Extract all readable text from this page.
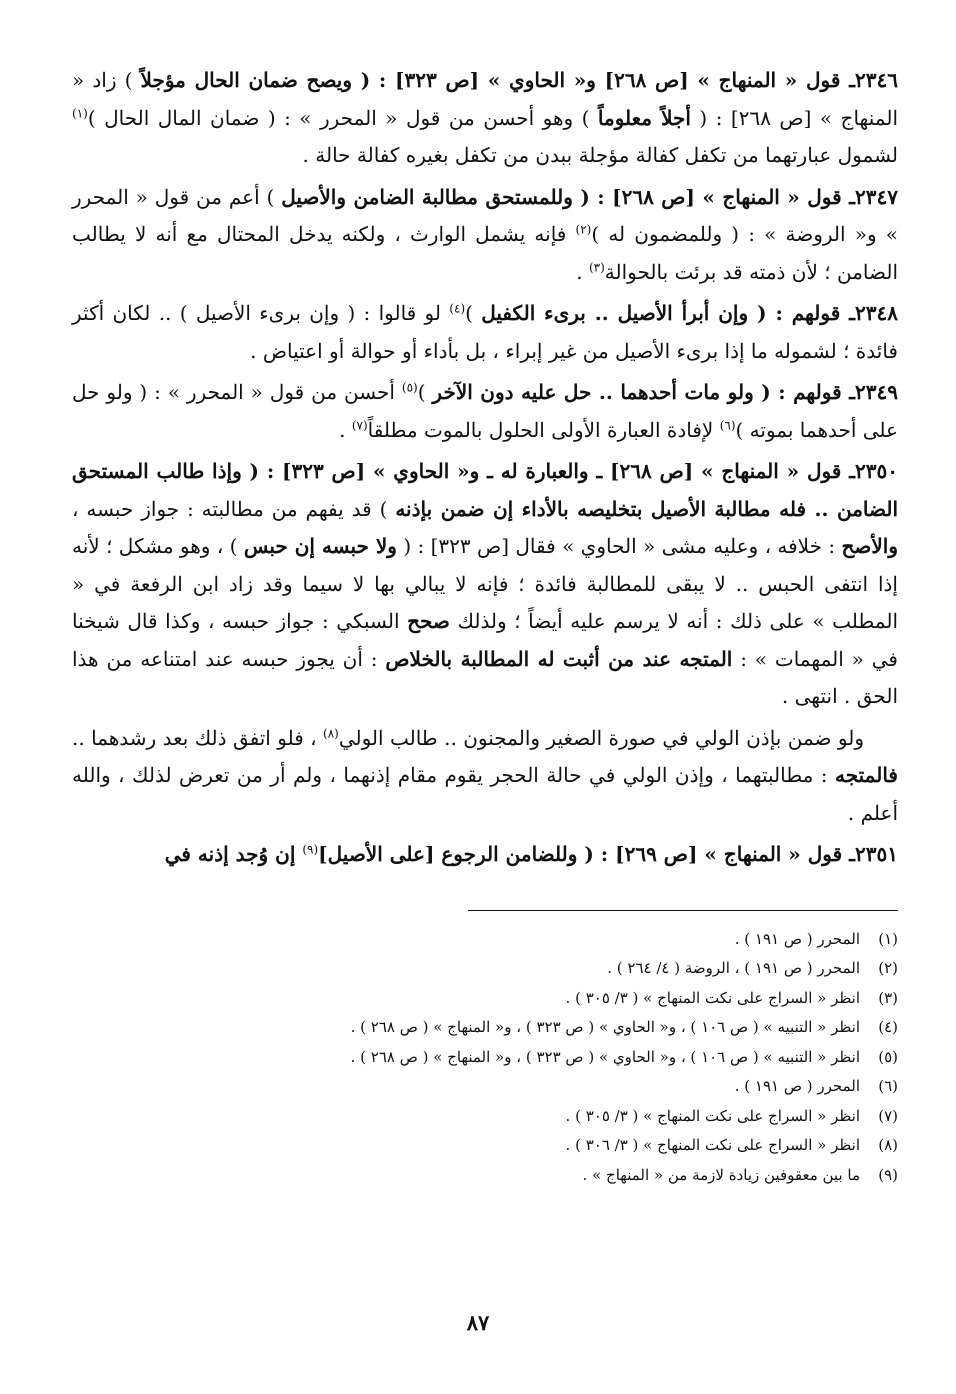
٢٣٤٦ـ قول « المنهاج » [ص ٢٦٨] و« الحاوي » [ص ٣٢٣] : ( ويصح ضمان الحال مؤجلاً ) زاد « المنهاج » [ص ٢٦٨] : ( أجلاً معلوماً ) وهو أحسن من قول « المحرر » : ( ضمان المال الحال )$^{(١)}$ لشمول عبارتهما من تكفل كفالة مؤجلة ببدن من تكفل بغيره كفالة حالة .

٢٣٤٧ـ قول « المنهاج » [ص ٢٦٨] : ( وللمستحق مطالبة الضامن والأصيل ) أعم من قول « المحرر » و« الروضة » : ( وللمضمون له )$^{(٢)}$ فإنه يشمل الوارث ، ولكنه يدخل المحتال مع أنه لا يطالب الضامن ؛ لأن ذمته قد برئت بالحوالة$^{(٣)}$ .

٢٣٤٨ـ قولهم : ( وإن أبرأ الأصيل .. برىء الكفيل )$^{(٤)}$ لو قالوا : ( وإن برىء الأصيل ) .. لكان أكثر فائدة ؛ لشموله ما إذا برىء الأصيل من غير إبراء ، بل بأداء أو حوالة أو اعتياض .

٢٣٤٩ـ قولهم : ( ولو مات أحدهما .. حل عليه دون الآخر )$^{(٥)}$ أحسن من قول « المحرر » : ( ولو حل على أحدهما بموته )$^{(٦)}$ لإفادة العبارة الأولى الحلول بالموت مطلقاً$^{(٧)}$ .

٢٣٥٠ـ قول « المنهاج » [ص ٢٦٨] ـ والعبارة له ـ و« الحاوي » [ص ٣٢٣] : ( وإذا طالب المستحق الضامن .. فله مطالبة الأصيل بتخليصه بالأداء إن ضمن بإذنه ) قد يفهم من مطالبته : جواز حبسه ، والأصح : خلافه ، وعليه مشى « الحاوي » فقال [ص ٣٢٣] : ( ولا حبسه إن حبس ) ، وهو مشكل ؛ لأنه إذا انتفى الحبس .. لا يبقى للمطالبة فائدة ؛ فإنه لا يبالي بها لا سيما وقد زاد ابن الرفعة في « المطلب » على ذلك : أنه لا يرسم عليه أيضاً ؛ ولذلك صحح السبكي : جواز حبسه ، وكذا قال شيخنا في « المهمات » : المتجه عند من أثبت له المطالبة بالخلاص : أن يجوز حبسه عند امتناعه من هذا الحق . انتهى .

ولو ضمن بإذن الولي في صورة الصغير والمجنون .. طالب الولي$^{(٨)}$ ، فلو اتفق ذلك بعد رشدهما .. فالمتجه : مطالبتهما ، وإذن الولي في حالة الحجر يقوم مقام إذنهما ، ولم أر من تعرض لذلك ، والله أعلم .

٢٣٥١ـ قول « المنهاج » [ص ٢٦٩] : ( وللضامن الرجوع [على الأصيل]$^{(٩)}$ إن وُجد إذنه في

(١)
المحرر ( ص ١٩١ ) .
(٢)
المحرر ( ص ١٩١ ) ، الروضة ( ٤/ ٢٦٤ ) .
(٣)
انظر « السراج على نكت المنهاج » ( ٣/ ٣٠٥ ) .
(٤)
انظر « التنبيه » ( ص ١٠٦ ) ، و« الحاوي » ( ص ٣٢٣ ) ، و« المنهاج » ( ص ٢٦٨ ) .
(٥)
انظر « التنبيه » ( ص ١٠٦ ) ، و« الحاوي » ( ص ٣٢٣ ) ، و« المنهاج » ( ص ٢٦٨ ) .
(٦)
المحرر ( ص ١٩١ ) .
(٧)
انظر « السراج على نكت المنهاج » ( ٣/ ٣٠٥ ) .
(٨)
انظر « السراج على نكت المنهاج » ( ٣/ ٣٠٦ ) .
(٩)
ما بين معقوفين زيادة لازمة من « المنهاج » .
٨٧
